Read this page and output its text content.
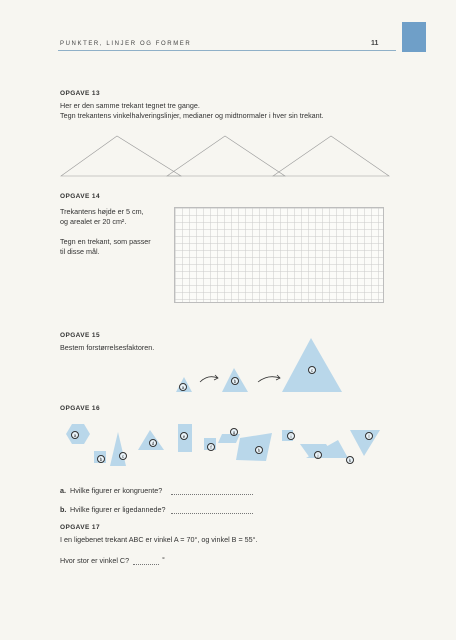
PUNKTER, LINJER OG FORMER	11
OPGAVE 13
Her er den samme trekant tegnet tre gange.
Tegn trekantens vinkelhalveringslinjer, medianer og midtnormaler i hver sin trekant.
OPGAVE 14
Trekantens højde er 5 cm,
og arealet er 20 cm².
Tegn en trekant, som passer
til disse mål.
OPGAVE 15
Bestem forstørrelsesfaktoren.
a
b
c
OPGAVE 16
a
b
c
d
e
f
g
h
i
j
k
l
a. Hvilke figurer er kongruente?
b. Hvilke figurer er ligedannede?
OPGAVE 17
I en ligebenet trekant ABC er vinkel A = 70°, og vinkel B = 55°.
Hvor stor er vinkel C?	°
